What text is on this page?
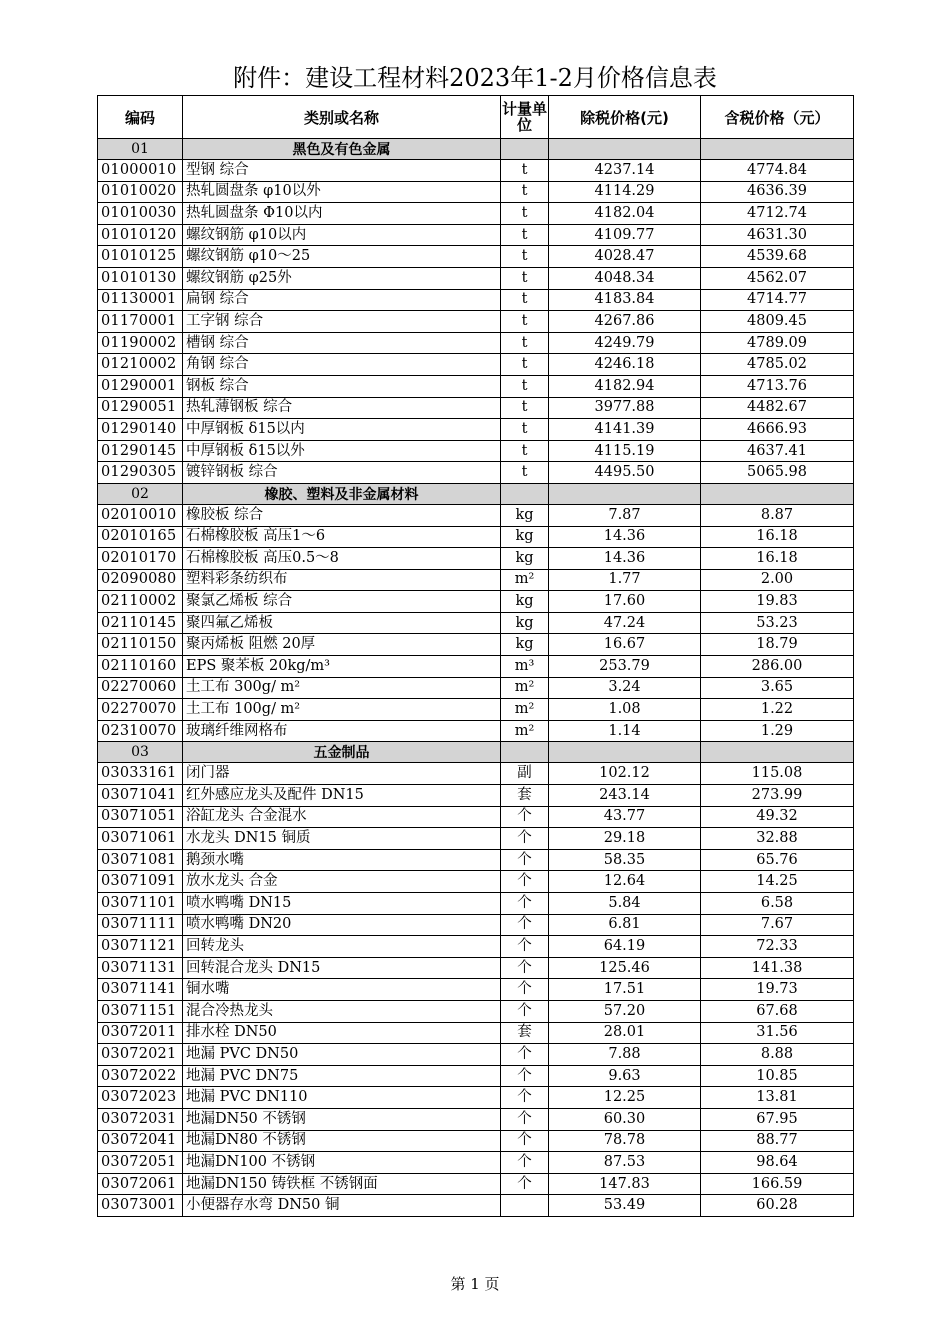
附件：建设工程材料2023年1-2月价格信息表
编码	类别或名称	计量单位	除税价格(元)	含税价格（元）
01	黑色及有色金属			
01000010	型钢 综合	t	4237.14	4774.84
01010020	热轧圆盘条 φ10以外	t	4114.29	4636.39
01010030	热轧圆盘条 Φ10以内	t	4182.04	4712.74
01010120	螺纹钢筋 φ10以内	t	4109.77	4631.30
01010125	螺纹钢筋 φ10～25	t	4028.47	4539.68
01010130	螺纹钢筋 φ25外	t	4048.34	4562.07
01130001	扁钢 综合	t	4183.84	4714.77
01170001	工字钢 综合	t	4267.86	4809.45
01190002	槽钢 综合	t	4249.79	4789.09
01210002	角钢 综合	t	4246.18	4785.02
01290001	钢板 综合	t	4182.94	4713.76
01290051	热轧薄钢板 综合	t	3977.88	4482.67
01290140	中厚钢板 δ15以内	t	4141.39	4666.93
01290145	中厚钢板 δ15以外	t	4115.19	4637.41
01290305	镀锌钢板 综合	t	4495.50	5065.98
02	橡胶、塑料及非金属材料			
02010010	橡胶板 综合	kg	7.87	8.87
02010165	石棉橡胶板 高压1～6	kg	14.36	16.18
02010170	石棉橡胶板 高压0.5～8	kg	14.36	16.18
02090080	塑料彩条纺织布	m²	1.77	2.00
02110002	聚氯乙烯板 综合	kg	17.60	19.83
02110145	聚四氟乙烯板	kg	47.24	53.23
02110150	聚丙烯板 阻燃 20厚	kg	16.67	18.79
02110160	EPS 聚苯板 20kg/m³	m³	253.79	286.00
02270060	土工布 300g/ m²	m²	3.24	3.65
02270070	土工布 100g/ m²	m²	1.08	1.22
02310070	玻璃纤维网格布	m²	1.14	1.29
03	五金制品			
03033161	闭门器	副	102.12	115.08
03071041	红外感应龙头及配件 DN15	套	243.14	273.99
03071051	浴缸龙头 合金混水	个	43.77	49.32
03071061	水龙头 DN15 铜质	个	29.18	32.88
03071081	鹅颈水嘴	个	58.35	65.76
03071091	放水龙头 合金	个	12.64	14.25
03071101	喷水鸭嘴 DN15	个	5.84	6.58
03071111	喷水鸭嘴 DN20	个	6.81	7.67
03071121	回转龙头	个	64.19	72.33
03071131	回转混合龙头 DN15	个	125.46	141.38
03071141	铜水嘴	个	17.51	19.73
03071151	混合冷热龙头	个	57.20	67.68
03072011	排水栓 DN50	套	28.01	31.56
03072021	地漏 PVC DN50	个	7.88	8.88
03072022	地漏 PVC DN75	个	9.63	10.85
03072023	地漏 PVC DN110	个	12.25	13.81
03072031	地漏DN50 不锈钢	个	60.30	67.95
03072041	地漏DN80 不锈钢	个	78.78	88.77
03072051	地漏DN100 不锈钢	个	87.53	98.64
03072061	地漏DN150 铸铁框 不锈钢面	个	147.83	166.59
03073001	小便器存水弯 DN50 铜		53.49	60.28
第 1 页
